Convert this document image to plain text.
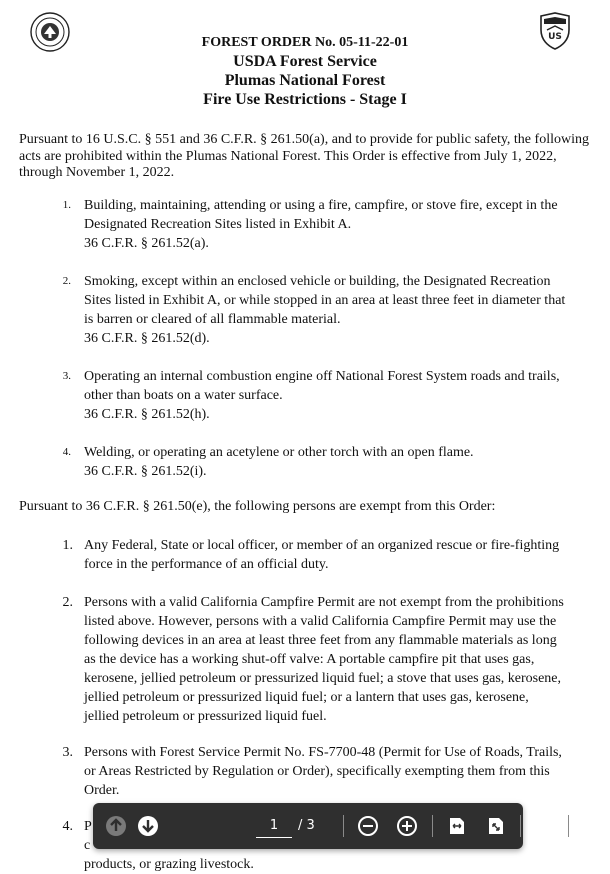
US
FOREST ORDER No. 05-11-22-01
USDA Forest Service
Plumas National Forest
Fire Use Restrictions - Stage I
Pursuant to 16 U.S.C. § 551 and 36 C.F.R. § 261.50(a), and to provide for public safety, the following acts are prohibited within the Plumas National Forest. This Order is effective from July 1, 2022, through November 1, 2022.
1. Building, maintaining, attending or using a fire, campfire, or stove fire, except in the
Designated Recreation Sites listed in Exhibit A.
36 C.F.R. § 261.52(a).
2. Smoking, except within an enclosed vehicle or building, the Designated Recreation
Sites listed in Exhibit A, or while stopped in an area at least three feet in diameter that
is barren or cleared of all flammable material.
36 C.F.R. § 261.52(d).
3. Operating an internal combustion engine off National Forest System roads and trails,
other than boats on a water surface.
36 C.F.R. § 261.52(h).
4. Welding, or operating an acetylene or other torch with an open flame.
36 C.F.R. § 261.52(i).
Pursuant to 36 C.F.R. § 261.50(e), the following persons are exempt from this Order:
1. Any Federal, State or local officer, or member of an organized rescue or fire-fighting
force in the performance of an official duty.
2. Persons with a valid California Campfire Permit are not exempt from the prohibitions
listed above. However, persons with a valid California Campfire Permit may use the
following devices in an area at least three feet from any flammable materials as long
as the device has a working shut-off valve: A portable campfire pit that uses gas,
kerosene, jellied petroleum or pressurized liquid fuel; a stove that uses gas, kerosene,
jellied petroleum or pressurized liquid fuel; or a lantern that uses gas, kerosene,
jellied petroleum or pressurized liquid fuel.
3. Persons with Forest Service Permit No. FS-7700-48 (Permit for Use of Roads, Trails,
or Areas Restricted by Regulation or Order), specifically exempting them from this
Order.
4. P
c
products, or grazing livestock.
1	/ 3
